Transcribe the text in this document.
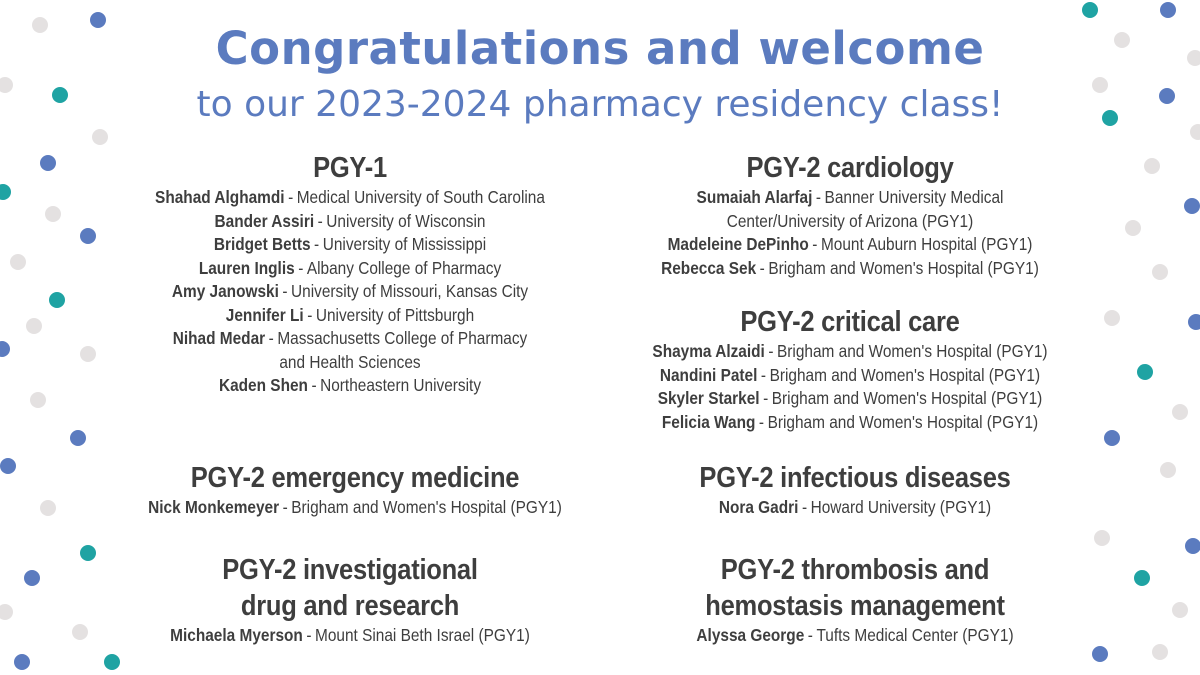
Congratulations and welcome
to our 2023-2024 pharmacy residency class!
PGY-1
Shahad Alghamdi - Medical University of South Carolina
Bander Assiri - University of Wisconsin
Bridget Betts - University of Mississippi
Lauren Inglis - Albany College of Pharmacy
Amy Janowski - University of Missouri, Kansas City
Jennifer Li - University of Pittsburgh
Nihad Medar - Massachusetts College of Pharmacy
and Health Sciences
Kaden Shen - Northeastern University
PGY-2 cardiology
Sumaiah Alarfaj - Banner University Medical
Center/University of Arizona (PGY1)
Madeleine DePinho - Mount Auburn Hospital (PGY1)
Rebecca Sek - Brigham and Women's Hospital (PGY1)
PGY-2 critical care
Shayma Alzaidi - Brigham and Women's Hospital (PGY1)
Nandini Patel - Brigham and Women's Hospital (PGY1)
Skyler Starkel - Brigham and Women's Hospital (PGY1)
Felicia Wang - Brigham and Women's Hospital (PGY1)
PGY-2 emergency medicine
Nick Monkemeyer - Brigham and Women's Hospital (PGY1)
PGY-2 infectious diseases
Nora Gadri - Howard University (PGY1)
PGY-2 investigational
drug and research
Michaela Myerson - Mount Sinai Beth Israel (PGY1)
PGY-2 thrombosis and
hemostasis management
Alyssa George - Tufts Medical Center (PGY1)
